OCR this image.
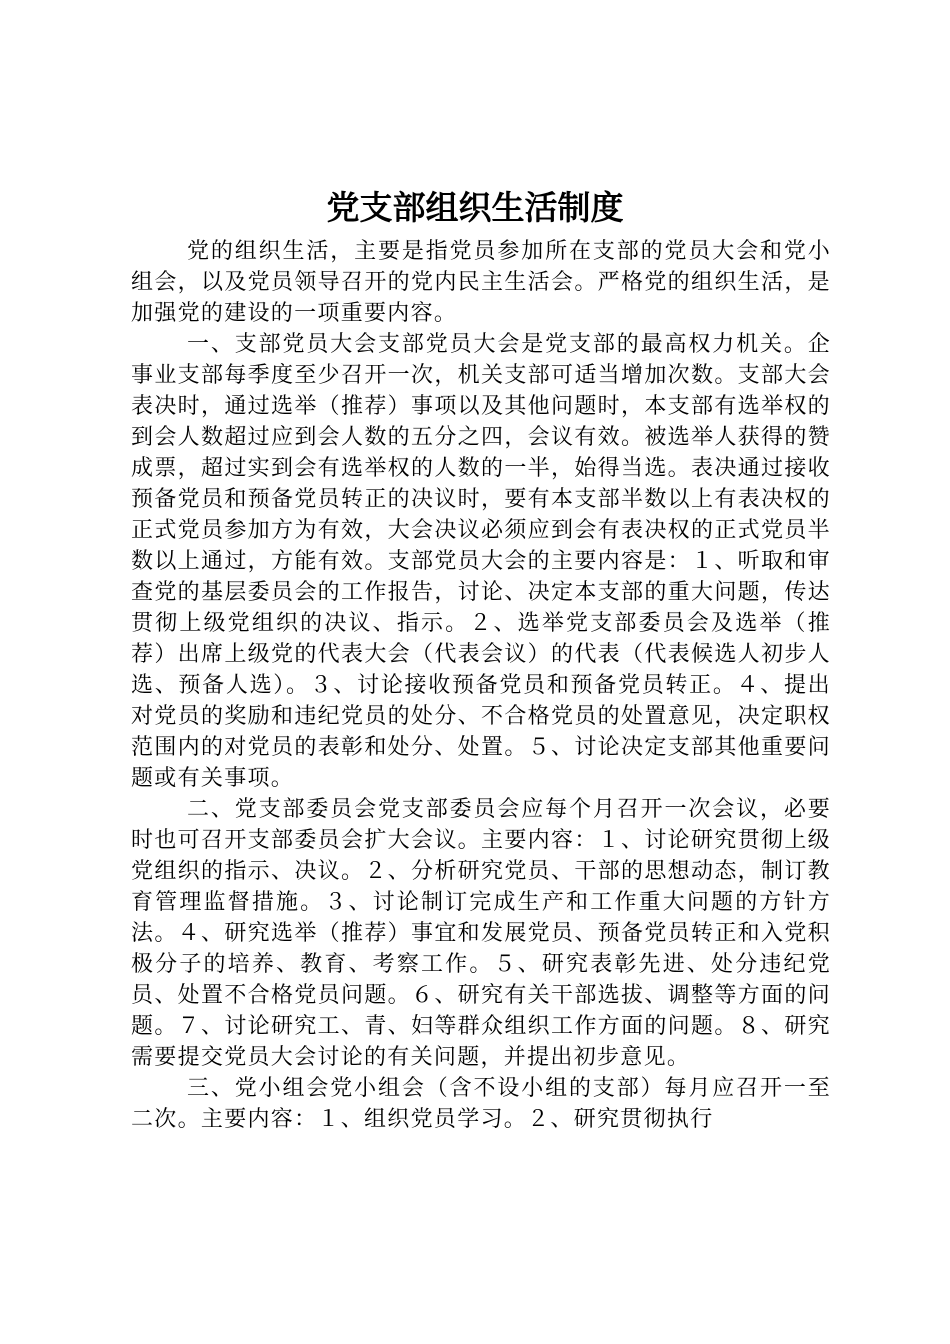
党支部组织生活制度

党的组织生活，主要是指党员参加所在支部的党员大会和党小组会，以及党员领导召开的党内民主生活会。严格党的组织生活，是加强党的建设的一项重要内容。

一、支部党员大会支部党员大会是党支部的最高权力机关。企事业支部每季度至少召开一次，机关支部可适当增加次数。支部大会表决时，通过选举（推荐）事项以及其他问题时，本支部有选举权的到会人数超过应到会人数的五分之四，会议有效。被选举人获得的赞成票，超过实到会有选举权的人数的一半，始得当选。表决通过接收预备党员和预备党员转正的决议时，要有本支部半数以上有表决权的正式党员参加方为有效，大会决议必须应到会有表决权的正式党员半数以上通过，方能有效。支部党员大会的主要内容是：１、听取和审查党的基层委员会的工作报告，讨论、决定本支部的重大问题，传达贯彻上级党组织的决议、指示。２、选举党支部委员会及选举（推荐）出席上级党的代表大会（代表会议）的代表（代表候选人初步人选、预备人选）。３、讨论接收预备党员和预备党员转正。４、提出对党员的奖励和违纪党员的处分、不合格党员的处置意见，决定职权范围内的对党员的表彰和处分、处置。５、讨论决定支部其他重要问题或有关事项。

二、党支部委员会党支部委员会应每个月召开一次会议，必要时也可召开支部委员会扩大会议。主要内容：１、讨论研究贯彻上级党组织的指示、决议。２、分析研究党员、干部的思想动态，制订教育管理监督措施。３、讨论制订完成生产和工作重大问题的方针方法。４、研究选举（推荐）事宜和发展党员、预备党员转正和入党积极分子的培养、教育、考察工作。５、研究表彰先进、处分违纪党员、处置不合格党员问题。６、研究有关干部选拔、调整等方面的问题。７、讨论研究工、青、妇等群众组织工作方面的问题。８、研究需要提交党员大会讨论的有关问题，并提出初步意见。

三、党小组会党小组会（含不设小组的支部）每月应召开一至二次。主要内容：１、组织党员学习。２、研究贯彻执行
